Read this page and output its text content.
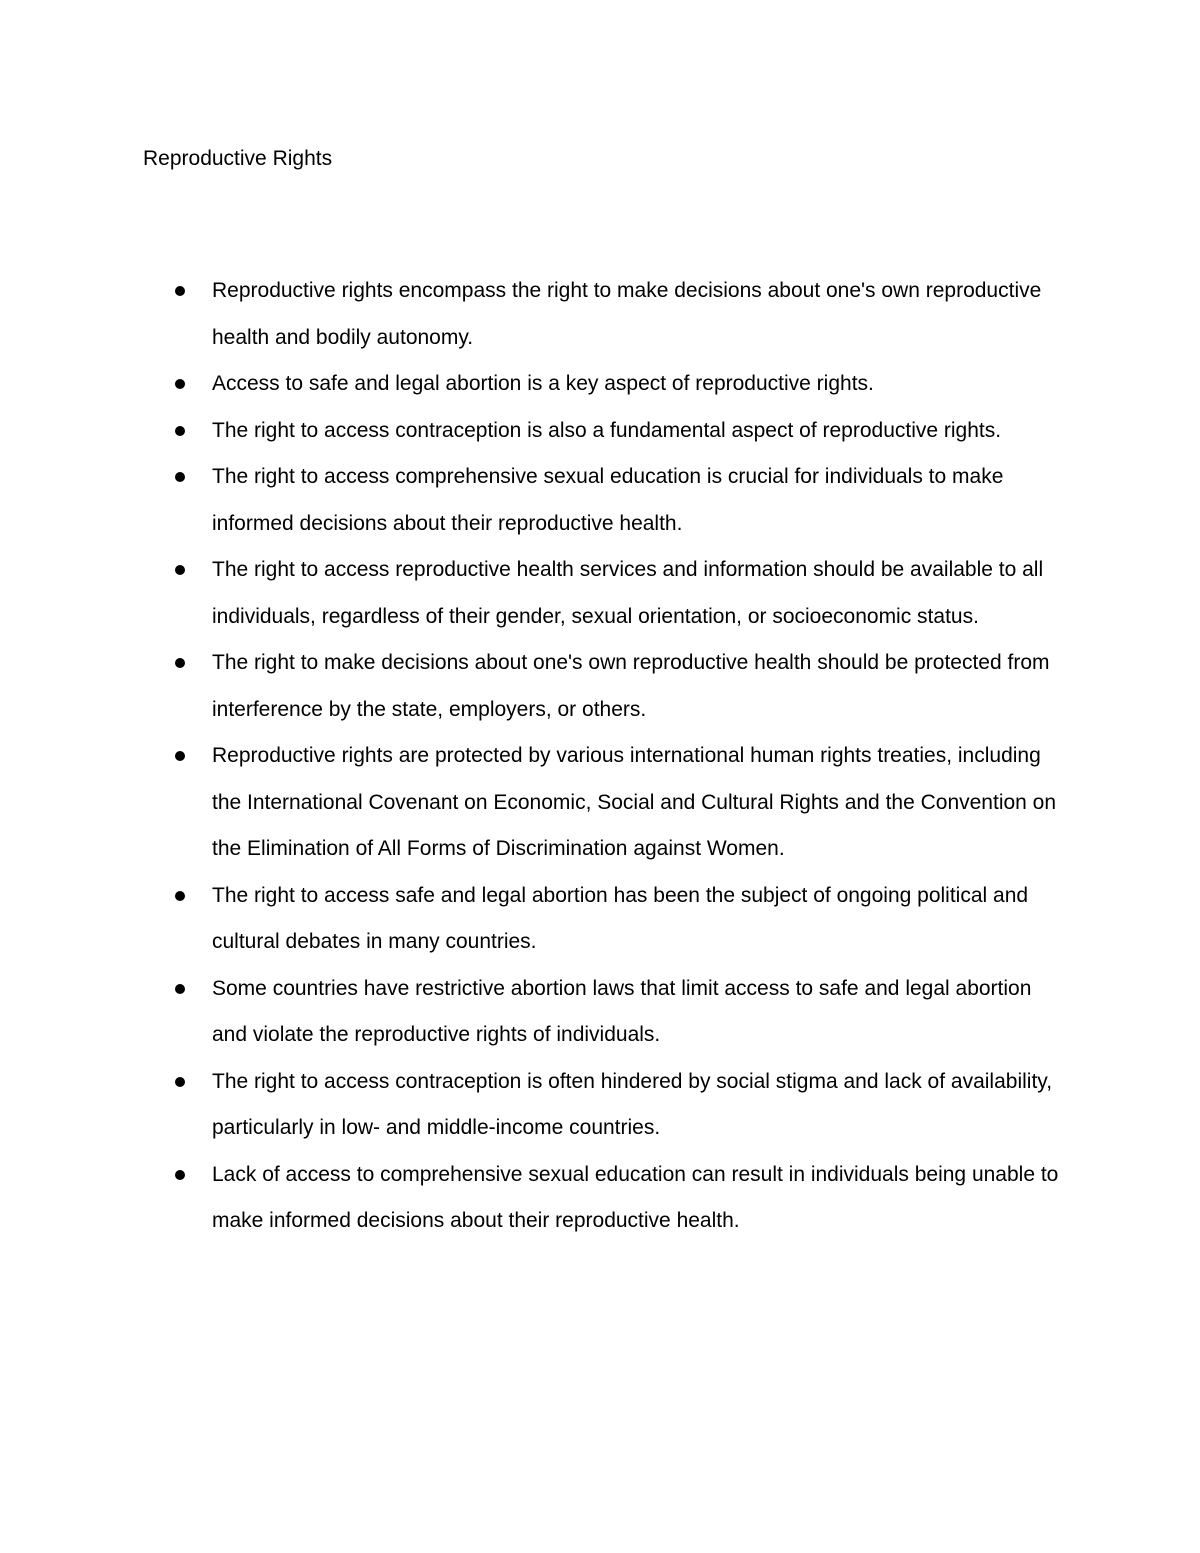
Reproductive Rights
Reproductive rights encompass the right to make decisions about one's own reproductive health and bodily autonomy.
Access to safe and legal abortion is a key aspect of reproductive rights.
The right to access contraception is also a fundamental aspect of reproductive rights.
The right to access comprehensive sexual education is crucial for individuals to make informed decisions about their reproductive health.
The right to access reproductive health services and information should be available to all individuals, regardless of their gender, sexual orientation, or socioeconomic status.
The right to make decisions about one's own reproductive health should be protected from interference by the state, employers, or others.
Reproductive rights are protected by various international human rights treaties, including the International Covenant on Economic, Social and Cultural Rights and the Convention on the Elimination of All Forms of Discrimination against Women.
The right to access safe and legal abortion has been the subject of ongoing political and cultural debates in many countries.
Some countries have restrictive abortion laws that limit access to safe and legal abortion and violate the reproductive rights of individuals.
The right to access contraception is often hindered by social stigma and lack of availability, particularly in low- and middle-income countries.
Lack of access to comprehensive sexual education can result in individuals being unable to make informed decisions about their reproductive health.
